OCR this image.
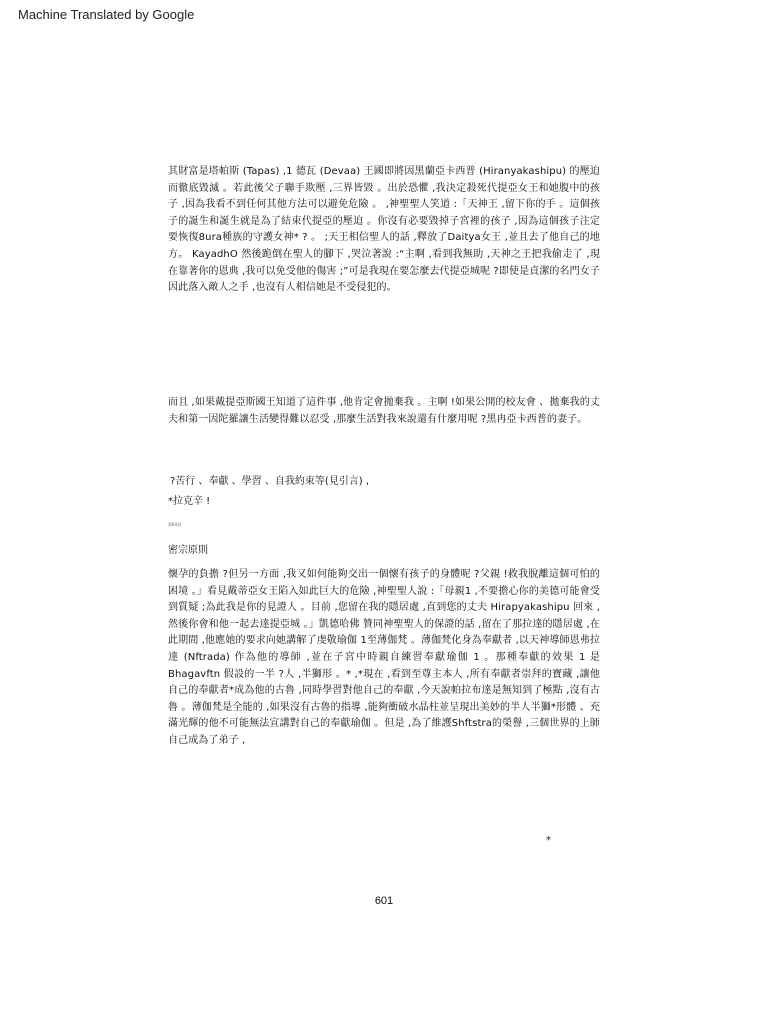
Machine Translated by Google
其財富是塔帕斯 (Tapas) ,1 德瓦 (Devaa) 王國即將因黑蘭亞卡西普 (Hiranyakashipu) 的壓迫而徹底毀滅 。若此後父子聯手欺壓 ,三界皆毀 。出於恐懼 ,我決定殺死代提亞女王和她腹中的孩子 ,因為我看不到任何其他方法可以避免危險 。 ,神聖聖人笑道 :「天神王 ,留下你的手 。這個孩子的誕生和誕生就是為了結束代提亞的壓迫 。你沒有必要毀掉子宮裡的孩子 ,因為這個孩子注定要恢復8ura種族的守護女神* ? 。 ;天王相信聖人的話 ,釋放了Daitya女王 ,並且去了他自己的地方。 KayadhO 然後跪倒在聖人的腳下 ,哭泣著說 :“主啊 ,看到我無助 ,天神之王把我偷走了 ,現在靠著你的恩典 ,我可以免受他的傷害 ;”可是我現在要怎麼去代提亞城呢 ?即使是貞潔的名門女子因此落入敵人之手 ,也沒有人相信她是不受侵犯的。
而且 ,如果戴提亞斯國王知道了這件事 ,他肯定會拋棄我 。主啊 !如果公開的校友會 、拋棄我的丈夫和第一因陀羅讓生活變得難以忍受 ,那麼生活對我來說還有什麼用呢 ?黑冉亞卡西普的妻子。
?苦行 、奉獻 、學習 、自我約束等(見引言) ,
*拉克辛 !
第64頁
密宗原則
懷孕的負擔 ?但另一方面 ,我又如何能夠交出一個懷有孩子的身體呢 ?父親 !救我脫離這個可怕的困境 。」看見戴蒂亞女王陷入如此巨大的危險 ,神聖聖人說 :「母親1 ,不要擔心你的美德可能會受到質疑 ;為此我是你的見證人 。目前 ,您留在我的隱居處 ,直到您的丈夫 Hirapyakashipu 回來 ,然後你會和他一起去達提亞城 。」凱德哈佛 贊同神聖聖人的保證的話 ,留在了那拉達的隱居處 ,在此期間 ,他應她的要求向她講解了虔敬瑜伽 1至薄伽梵 。薄伽梵化身為奉獻者 ,以天神導師恩弗拉達 (Nftrada) 作為他的導師 ,並在子宮中時親自練習奉獻瑜伽 1 。那種奉獻的效果 1 是 Bhagavftn 假設的一半 ?人 ,半獅形 。* ,*現在 ,看到至尊主本人 ,所有奉獻者崇拜的寶藏 ,讓他自己的奉獻者*成為他的古魯 ,同時學習對他自己的奉獻 ,今天說帕拉布達是無知到了極點 ,沒有古魯 。薄伽梵是全能的 ,如果沒有古魯的指導 ,能夠衝破水晶柱並呈現出美妙的半人半獅*形體 、充滿光輝的他不可能無法宣講對自己的奉獻瑜伽 。但是 ,為了維護Shftstra的榮譽 ,三個世界的上師自己成為了弟子 ,
*
601
